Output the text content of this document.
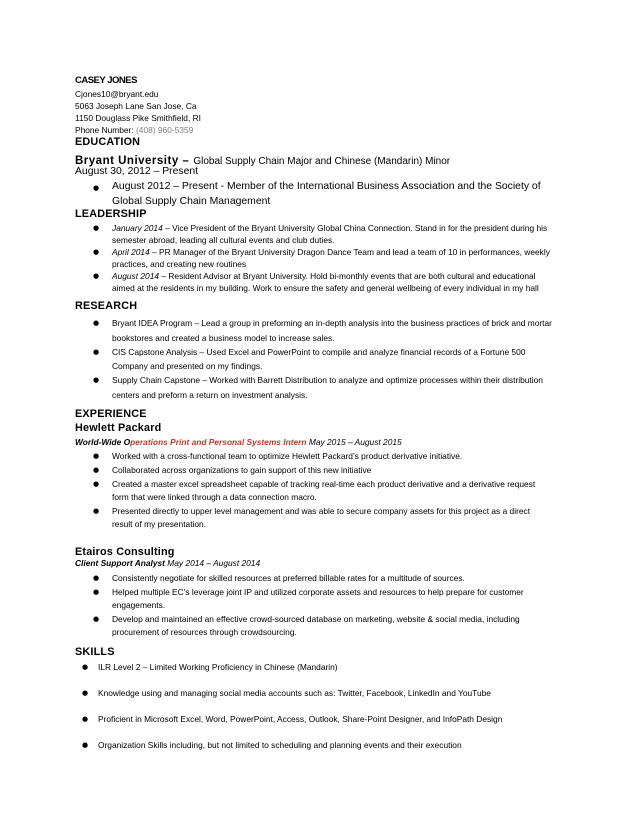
CASEY JONES
Cjones10@bryant.edu
5063 Joseph Lane San Jose, Ca
1150 Douglass Pike Smithfield, RI
Phone Number: (408) 960-5359
EDUCATION
Bryant University – Global Supply Chain Major and Chinese (Mandarin) Minor
August 30, 2012 – Present
● August 2012 – Present - Member of the International Business Association and the Society of Global Supply Chain Management
LEADERSHIP
● January 2014 – Vice President of the Bryant University Global China Connection. Stand in for the president during his
semester abroad, leading all cultural events and club duties.
● April 2014 – PR Manager of the Bryant University Dragon Dance Team and lead a team of 10 in performances, weekly
practices, and creating new routines
● August 2014 – Resident Advisor at Bryant University. Hold bi-monthly events that are both cultural and educational
aimed at the residents in my building. Work to ensure the safety and general wellbeing of every individual in my hall
RESEARCH
● Bryant IDEA Program – Lead a group in preforming an in-depth analysis into the business practices of brick and mortar
bookstores and created a business model to increase sales.
● CIS Capstone Analysis – Used Excel and PowerPoint to compile and analyze financial records of a Fortune 500
Company and presented on my findings.
● Supply Chain Capstone – Worked with Barrett Distribution to analyze and optimize processes within their distribution
centers and preform a return on investment analysis.
EXPERIENCE
Hewlett Packard
World-Wide Operations Print and Personal Systems Intern May 2015 – August 2015
● Worked with a cross-functional team to optimize Hewlett Packard’s product derivative initiative.
● Collaborated across organizations to gain support of this new initiative
● Created a master excel spreadsheet capable of tracking real-time each product derivative and a derivative request
form that were linked through a data connection macro.
● Presented directly to upper level management and was able to secure company assets for this project as a direct
result of my presentation.
Etairos Consulting
Client Support Analyst May 2014 – August 2014
● Consistently negotiate for skilled resources at preferred billable rates for a multitude of sources.
● Helped multiple EC’s leverage joint IP and utilized corporate assets and resources to help prepare for customer
engagements.
● Develop and maintained an effective crowd-sourced database on marketing, website & social media, including
procurement of resources through crowdsourcing.
SKILLS
● ILR Level 2 – Limited Working Proficiency in Chinese (Mandarin)
● Knowledge using and managing social media accounts such as: Twitter, Facebook, LinkedIn and YouTube
● Proficient in Microsoft Excel, Word, PowerPoint, Access, Outlook, Share-Point Designer, and InfoPath Design
● Organization Skills including, but not limited to scheduling and planning events and their execution
